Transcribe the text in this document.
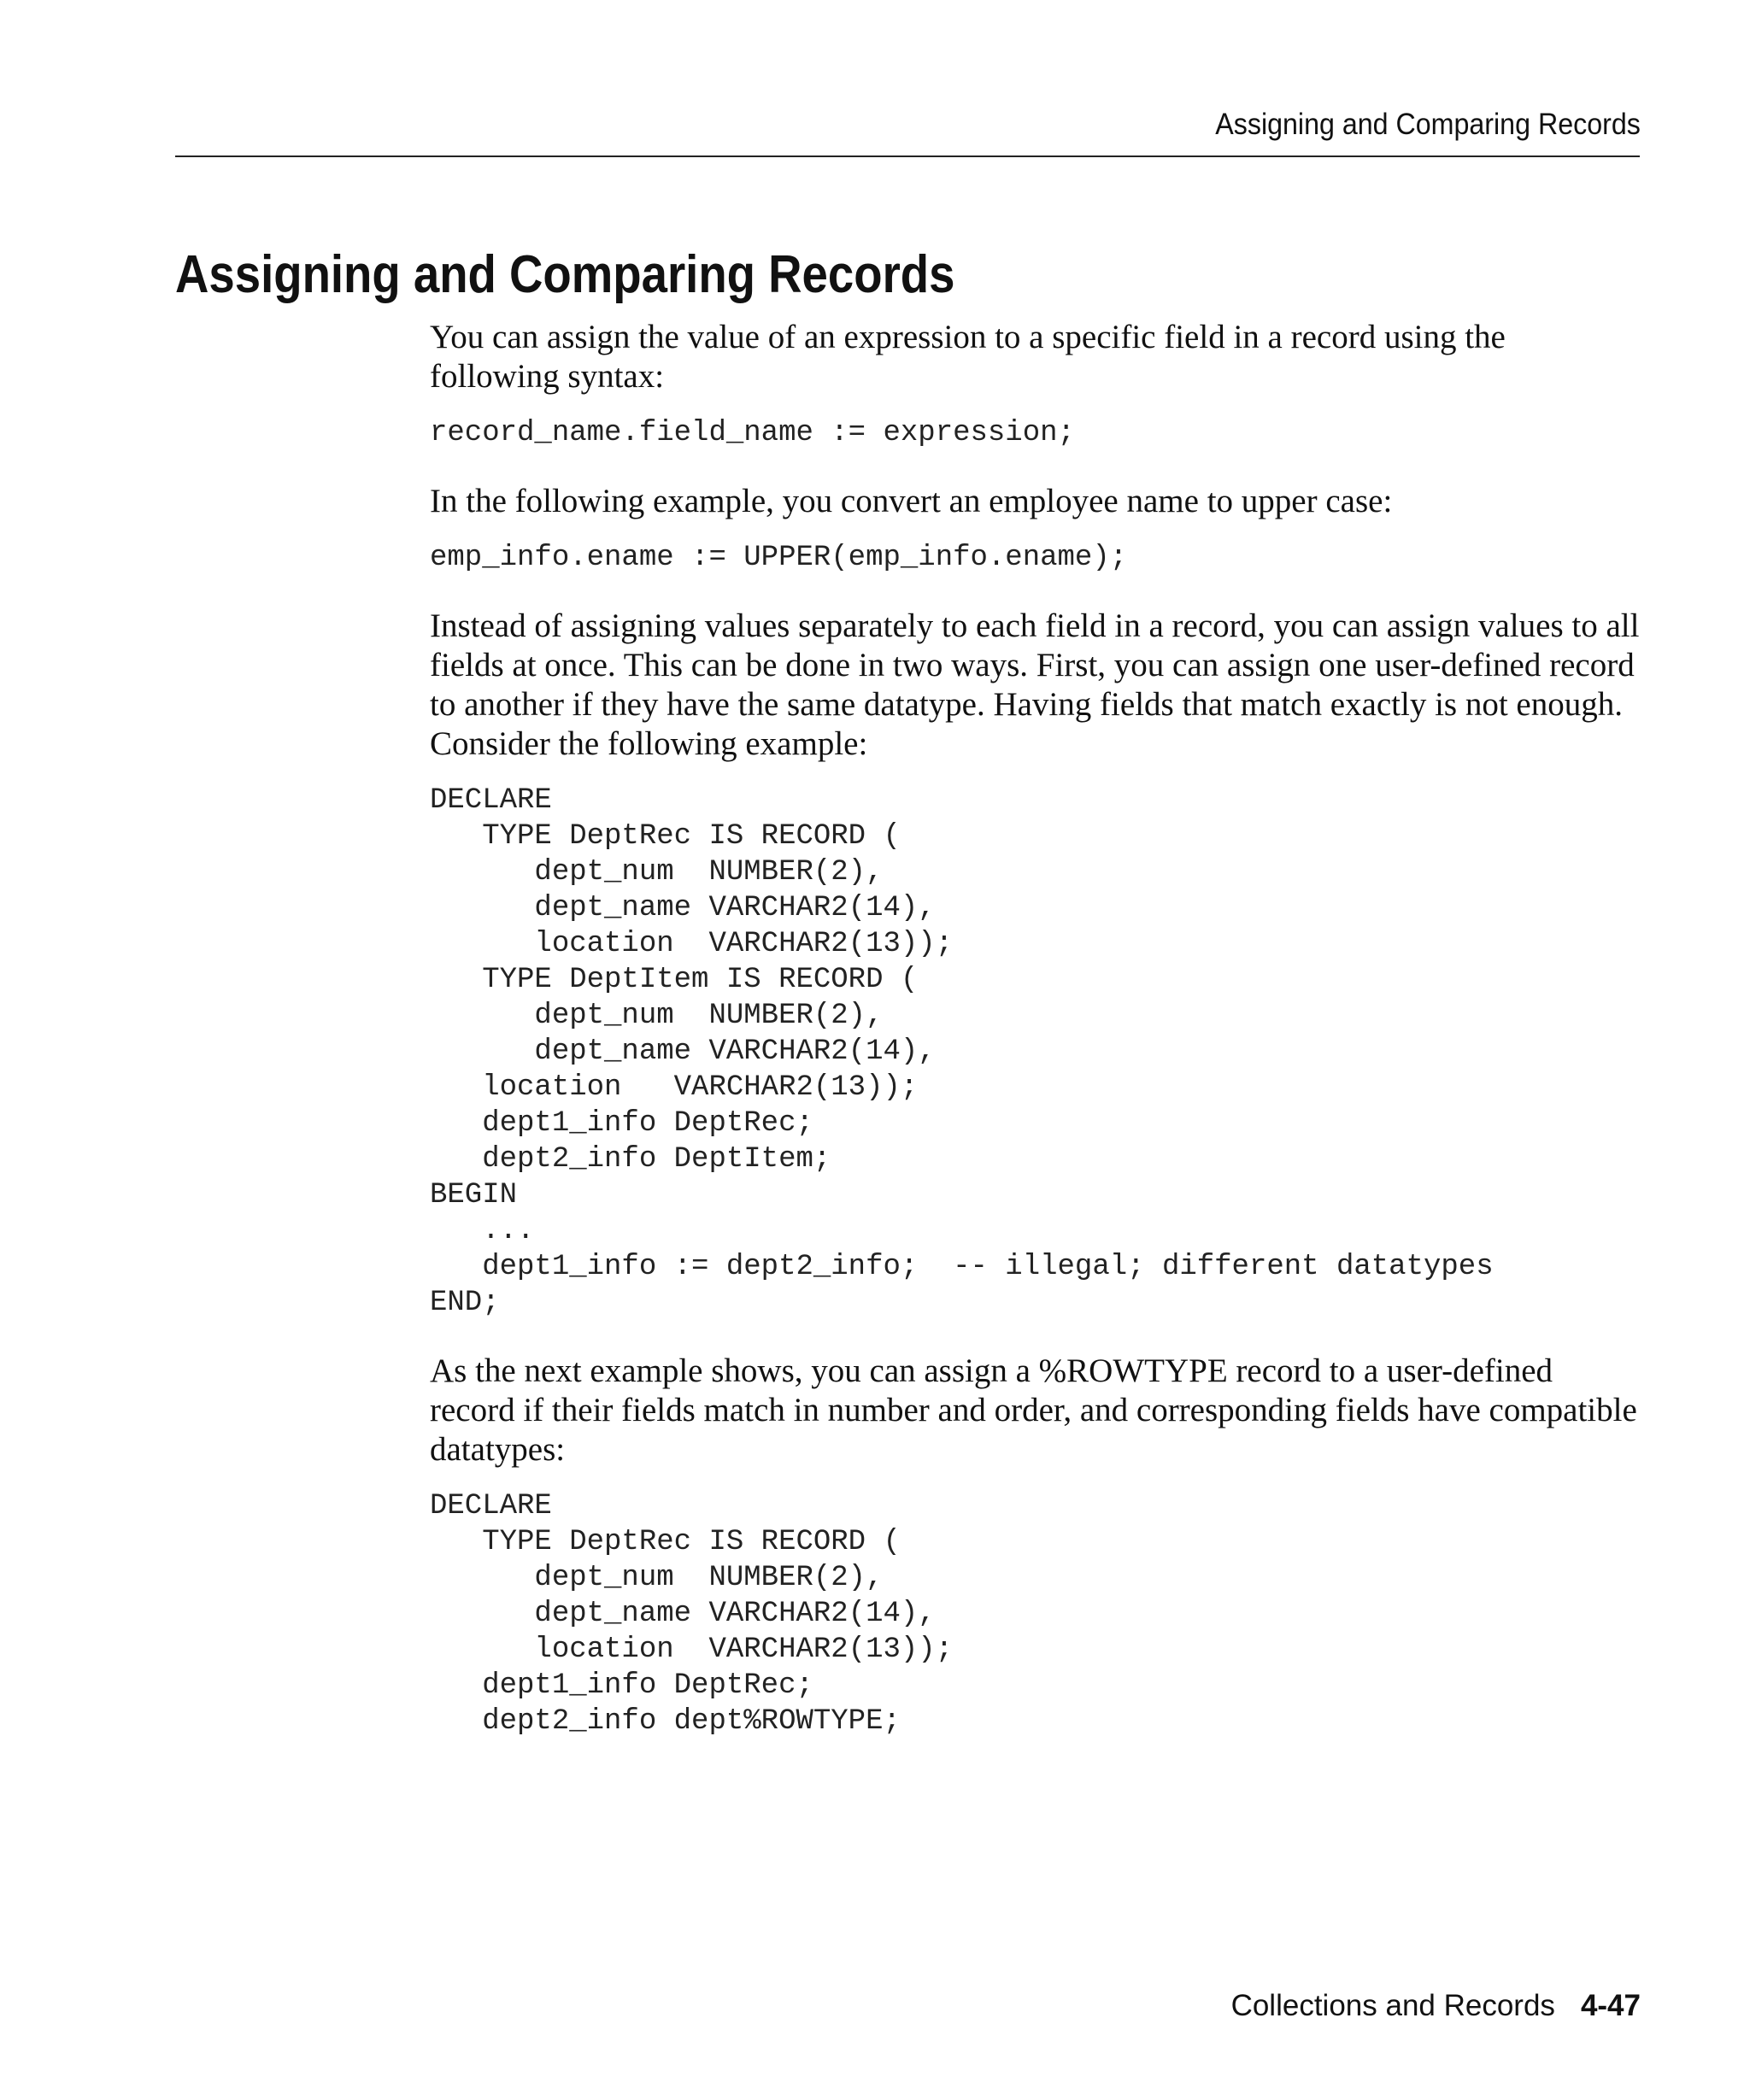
Assigning and Comparing Records
Assigning and Comparing Records

You can assign the value of an expression to a specific field in a record using the following syntax:

record_name.field_name := expression;

In the following example, you convert an employee name to upper case:

emp_info.ename := UPPER(emp_info.ename);

Instead of assigning values separately to each field in a record, you can assign values to all fields at once. This can be done in two ways. First, you can assign one user-defined record to another if they have the same datatype. Having fields that match exactly is not enough. Consider the following example:

DECLARE
TYPE DeptRec IS RECORD (
dept_num  NUMBER(2),
dept_name VARCHAR2(14),
location  VARCHAR2(13));
TYPE DeptItem IS RECORD (
dept_num  NUMBER(2),
dept_name VARCHAR2(14),
location   VARCHAR2(13));
dept1_info DeptRec;
dept2_info DeptItem;
BEGIN
...
dept1_info := dept2_info;  -- illegal; different datatypes
END;

As the next example shows, you can assign a %ROWTYPE record to a user-defined record if their fields match in number and order, and corresponding fields have compatible datatypes:

DECLARE
TYPE DeptRec IS RECORD (
dept_num  NUMBER(2),
dept_name VARCHAR2(14),
location  VARCHAR2(13));
dept1_info DeptRec;
dept2_info dept%ROWTYPE;
Collections and Records 4-47
